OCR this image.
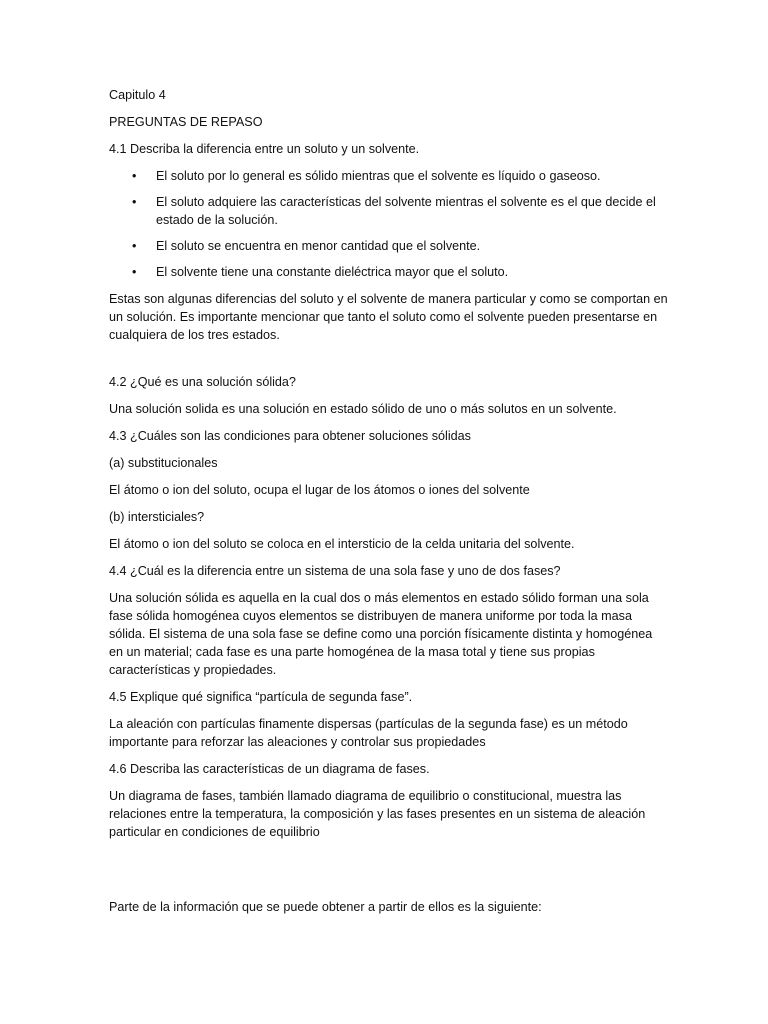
Capitulo 4

PREGUNTAS DE REPASO

4.1 Describa la diferencia entre un soluto y un solvente.

• El soluto por lo general es sólido mientras que el solvente es líquido o gaseoso.
• El soluto adquiere las características del solvente mientras el solvente es el que decide el estado de la solución.
• El soluto se encuentra en menor cantidad que el solvente.
• El solvente tiene una constante dieléctrica mayor que el soluto.

Estas son algunas diferencias del soluto y el solvente de manera particular y como se comportan en un solución. Es importante mencionar que tanto el soluto como el solvente pueden presentarse en cualquiera de los tres estados.

4.2 ¿Qué es una solución sólida?

Una solución solida es una solución en estado sólido de uno o más solutos en un solvente.

4.3 ¿Cuáles son las condiciones para obtener soluciones sólidas

(a) substitucionales

El átomo o ion del soluto, ocupa el lugar de los átomos o iones del solvente

(b) intersticiales?

El átomo o ion del soluto se coloca en el intersticio de la celda unitaria del solvente.

4.4 ¿Cuál es la diferencia entre un sistema de una sola fase y uno de dos fases?

Una solución sólida es aquella en la cual dos o más elementos en estado sólido forman una sola fase sólida homogénea cuyos elementos se distribuyen de manera uniforme por toda la masa sólida. El sistema de una sola fase se define como una porción físicamente distinta y homogénea en un material; cada fase es una parte homogénea de la masa total y tiene sus propias características y propiedades.

4.5 Explique qué significa “partícula de segunda fase”.

La aleación con partículas finamente dispersas (partículas de la segunda fase) es un método importante para reforzar las aleaciones y controlar sus propiedades

4.6 Describa las características de un diagrama de fases.

Un diagrama de fases, también llamado diagrama de equilibrio o constitucional, muestra las relaciones entre la temperatura, la composición y las fases presentes en un sistema de aleación particular en condiciones de equilibrio

Parte de la información que se puede obtener a partir de ellos es la siguiente:
